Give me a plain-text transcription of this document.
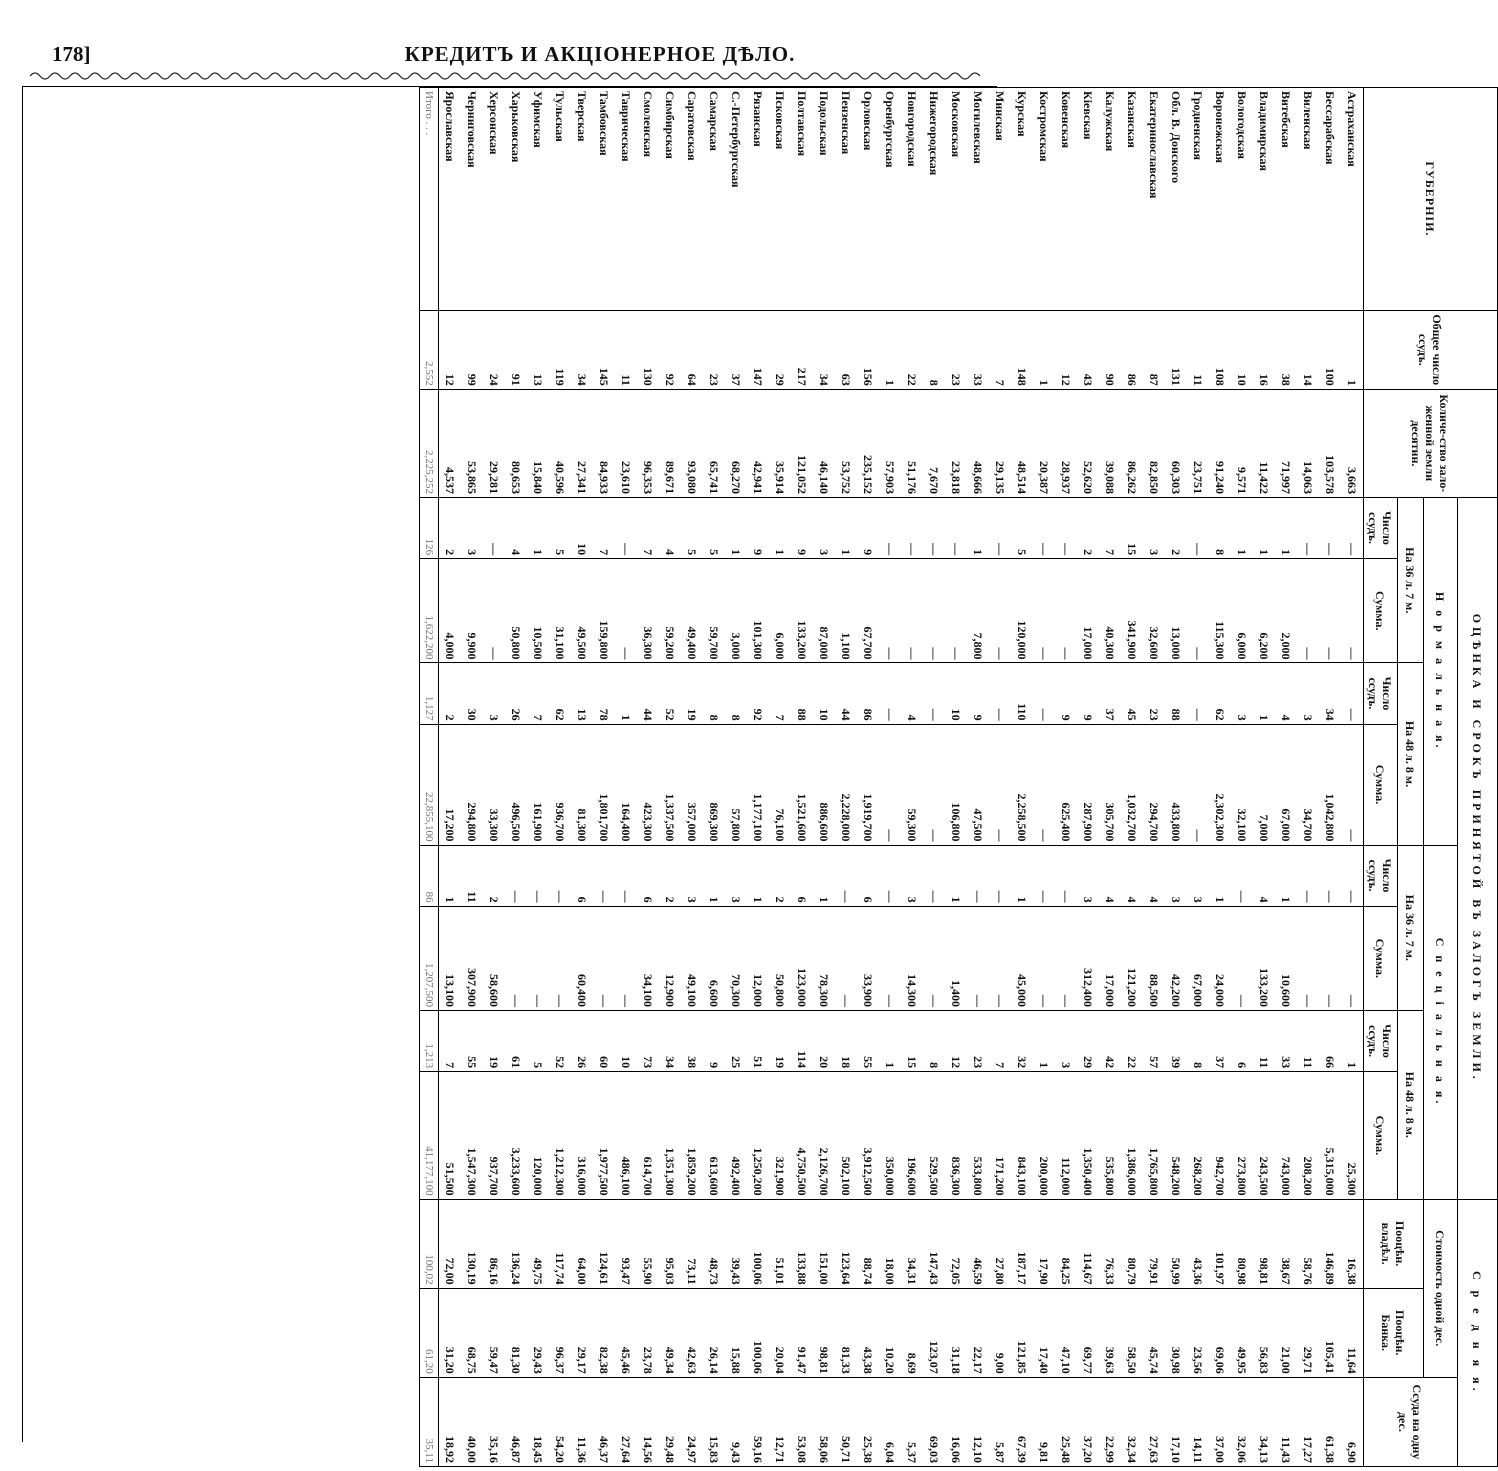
178]	КРЕДИТЪ И АКЦIОНЕРНОЕ ДѢЛО.
ГУБЕРНIИ.	Общее число ссудъ.	Количе-ство зало-женной земли десятин.	ОЦѢНКА И СРОКЪ ПРИНЯТОЙ ВЪ ЗАЛОГЪ ЗЕМЛИ.								С р е д н я я.		
			Н о р м а л ь н а я.				С п е ц i а л ь н а я.				Стоимость одной дес.		Ссуда на одну дес.
			На 36 л. 7 м.		На 48 л. 8 м.		На 36 л. 7 м.		На 48 л. 8 м.		Поoцѣн. владѣл.	Поoцѣн. Банка.	
			Число ссудъ.	Сумма.	Число ссудъ.	Сумма.	Число ссудъ.	Сумма.	Число ссудъ.	Сумма.			
Астраханская	1	3,663	—	—	—	—	—	—	1	25,300	16,38	11,64	6,90
Бессарабская	100	103,578	—	—	34	1,042,800	—	—	66	5,315,000	146,89	105,41	61,38
Виленская	14	14,063	—	—	3	34,700	—	—	11	208,200	58,76	29,71	17,27
Витебская	38	71,997	1	2,000	4	67,000	1	10,600	33	743,000	38,67	21,00	11,43
Владимирская	16	11,422	1	6,200	1	7,000	4	133,200	11	243,500	98,81	56,83	34,13
Вологодская	10	9,571	1	6,000	3	32,100	—	—	6	273,800	80,98	49,95	32,06
Воронежская	108	91,240	8	115,300	62	2,302,300	1	24,000	37	942,700	101,97	69,06	37,00
Гродненская	11	23,751	—	—	—	—	3	67,000	8	268,200	43,36	23,56	14,11
Обл. В. Донского	131	60,303	2	13,000	88	433,800	3	42,200	39	548,200	50,99	30,98	17,10
Екатеринославская	87	82,850	3	32,600	23	294,700	4	88,500	57	1,765,800	79,91	45,74	27,63
Казанская	86	86,262	15	341,900	45	1,032,700	4	121,200	22	1,386,000	80,79	58,50	32,34
Калужская	90	39,088	7	40,300	37	305,700	4	17,000	42	535,800	76,33	39,63	22,99
Кiевская	43	52,620	2	17,000	9	287,900	3	312,400	29	1,350,400	114,67	69,77	37,20
Ковенская	12	28,937	—	—	9	625,400	—	—	3	112,000	84,25	47,10	25,48
Костромская	1	20,387	—	—	—	—	—	—	1	200,000	17,90	17,40	9,81
Курская	148	48,514	5	120,000	110	2,258,500	1	45,000	32	843,100	187,17	121,85	67,39
Минская	7	29,135	—	—	—	—	—	—	7	171,200	27,80	9,00	5,87
Могилевская	33	48,666	1	7,800	9	47,500	—	—	23	533,800	46,59	22,17	12,10
Московская	23	23,818	—	—	10	106,800	1	1,400	12	836,300	72,05	31,18	16,06
Нижегородская	8	7,670	—	—	—	—	—	—	8	529,500	147,43	123,07	69,03
Новгородская	22	51,176	—	—	4	59,300	3	14,300	15	196,600	34,31	8,69	5,37
Оренбургская	1	57,903	—	—	—	—	—	—	1	350,000	18,00	10,20	6,04
Орловская	156	235,152	9	67,700	86	1,919,700	6	33,900	55	3,912,500	88,74	43,38	25,38
Пензенская	63	53,752	1	1,100	44	2,228,000	—	—	18	502,100	123,64	81,33	50,71
Подольская	34	46,140	3	87,000	10	886,600	1	78,300	20	2,126,700	151,00	98,81	58,06
Полтавская	217	121,052	9	133,200	88	1,521,600	6	123,000	114	4,750,500	133,88	91,47	53,08
Псковская	29	35,914	1	6,000	7	76,100	2	50,800	19	321,900	51,01	20,04	12,71
Рязанская	147	42,941	9	101,300	92	1,177,100	1	12,000	51	1,250,200	100,06	100,06	59,16
С.-Петербургская	37	68,270	1	3,000	8	57,800	3	70,300	25	492,400	39,43	15,88	9,43
Самарская	23	65,741	5	59,700	8	869,300	1	6,600	9	613,600	48,73	26,14	15,83
Саратовская	64	93,080	5	49,400	19	357,000	3	49,100	38	1,859,200	73,11	42,63	24,97
Симбирская	92	89,671	4	59,200	52	1,337,500	2	12,900	34	1,351,300	95,03	49,34	29,48
Смоленская	130	96,353	7	36,300	44	423,300	6	34,100	73	614,700	55,90	23,78	14,56
Таврическая	11	23,610	—	—	1	164,400	—	—	10	486,100	93,47	45,46	27,64
Тамбовская	145	84,933	7	159,800	78	1,801,700	—	—	60	1,977,500	124,61	82,38	46,37
Тверская	34	27,341	10	49,500	13	81,300	6	60,400	26	316,000	64,00	29,17	11,36
Тульская	119	40,596	5	31,100	62	936,700	—	—	52	1,212,300	117,74	96,37	54,20
Уфимская	13	15,840	1	10,500	7	161,900	—	—	5	120,000	49,75	29,43	18,45
Харьковская	91	80,653	4	50,800	26	496,500	—	—	61	3,233,600	136,24	81,30	46,87
Херсонская	24	29,281	—	—	3	33,300	2	58,600	19	937,700	86,16	59,47	35,16
Черниговская	99	53,865	3	9,900	30	294,800	11	307,900	55	1,547,300	130,19	68,75	40,00
Ярославская	12	4,537	2	4,000	2	17,200	1	13,100	7	51,500	72,00	31,20	18,92
Итого . . .	2,552	2,225,252	126	1,622,200	1,127	22,855,100	86	1,207,500	1,213	41,177,100	100,02	61,20	35,11
